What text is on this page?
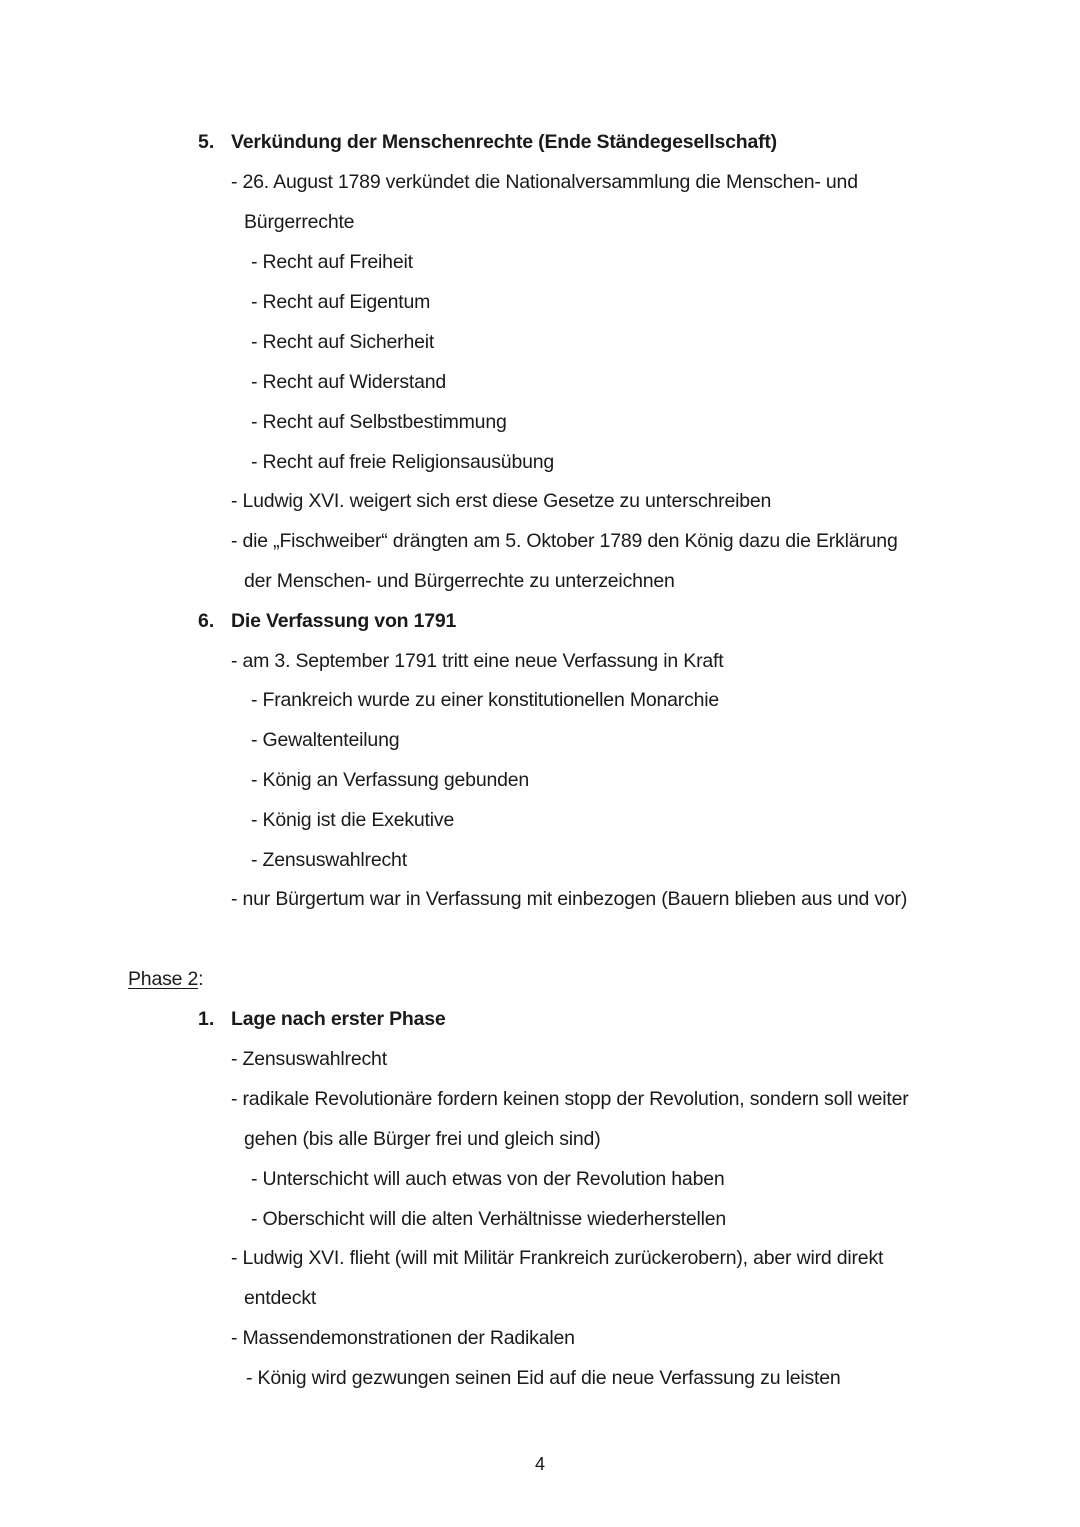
5. Verkündung der Menschenrechte (Ende Ständegesellschaft)
- 26. August 1789 verkündet die Nationalversammlung die Menschen- und
Bürgerrechte
- Recht auf Freiheit
- Recht auf Eigentum
- Recht auf Sicherheit
- Recht auf Widerstand
- Recht auf Selbstbestimmung
- Recht auf freie Religionsausübung
- Ludwig XVI. weigert sich erst diese Gesetze zu unterschreiben
- die „Fischweiber“ drängten am 5. Oktober 1789 den König dazu die Erklärung
der Menschen- und Bürgerrechte zu unterzeichnen
6. Die Verfassung von 1791
- am 3. September 1791 tritt eine neue Verfassung in Kraft
- Frankreich wurde zu einer konstitutionellen Monarchie
- Gewaltenteilung
- König an Verfassung gebunden
- König ist die Exekutive
- Zensuswahlrecht
- nur Bürgertum war in Verfassung mit einbezogen (Bauern blieben aus und vor)
Phase 2:
1. Lage nach erster Phase
- Zensuswahlrecht
- radikale Revolutionäre fordern keinen stopp der Revolution, sondern soll weiter
gehen (bis alle Bürger frei und gleich sind)
- Unterschicht will auch etwas von der Revolution haben
- Oberschicht will die alten Verhältnisse wiederherstellen
- Ludwig XVI. flieht (will mit Militär Frankreich zurückerobern), aber wird direkt
entdeckt
- Massendemonstrationen der Radikalen
- König wird gezwungen seinen Eid auf die neue Verfassung zu leisten
4
